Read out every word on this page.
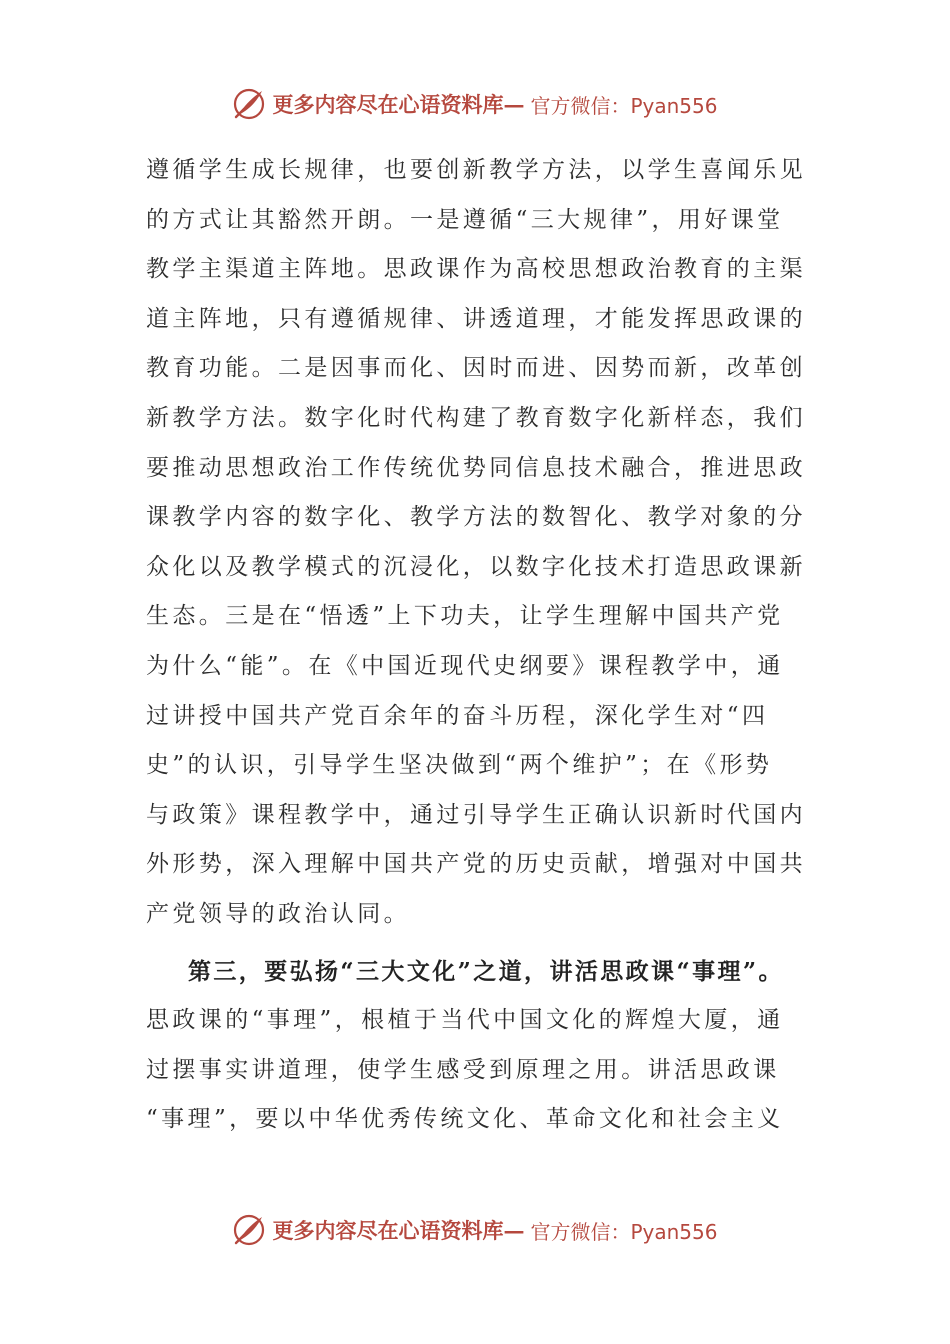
更多内容尽在心语资料库— 官方微信：Pyan556
遵循学生成长规律，也要创新教学方法，以学生喜闻乐见
的方式让其豁然开朗。一是遵循“三大规律”，用好课堂
教学主渠道主阵地。思政课作为高校思想政治教育的主渠
道主阵地，只有遵循规律、讲透道理，才能发挥思政课的
教育功能。二是因事而化、因时而进、因势而新，改革创
新教学方法。数字化时代构建了教育数字化新样态，我们
要推动思想政治工作传统优势同信息技术融合，推进思政
课教学内容的数字化、教学方法的数智化、教学对象的分
众化以及教学模式的沉浸化，以数字化技术打造思政课新
生态。三是在“悟透”上下功夫，让学生理解中国共产党
为什么“能”。在《中国近现代史纲要》课程教学中，通
过讲授中国共产党百余年的奋斗历程，深化学生对“四
史”的认识，引导学生坚决做到“两个维护”；在《形势
与政策》课程教学中，通过引导学生正确认识新时代国内
外形势，深入理解中国共产党的历史贡献，增强对中国共
产党领导的政治认同。
第三，要弘扬“三大文化”之道，讲活思政课“事理”。
思政课的“事理”，根植于当代中国文化的辉煌大厦，通
过摆事实讲道理，使学生感受到原理之用。讲活思政课
“事理”，要以中华优秀传统文化、革命文化和社会主义
更多内容尽在心语资料库— 官方微信：Pyan556
